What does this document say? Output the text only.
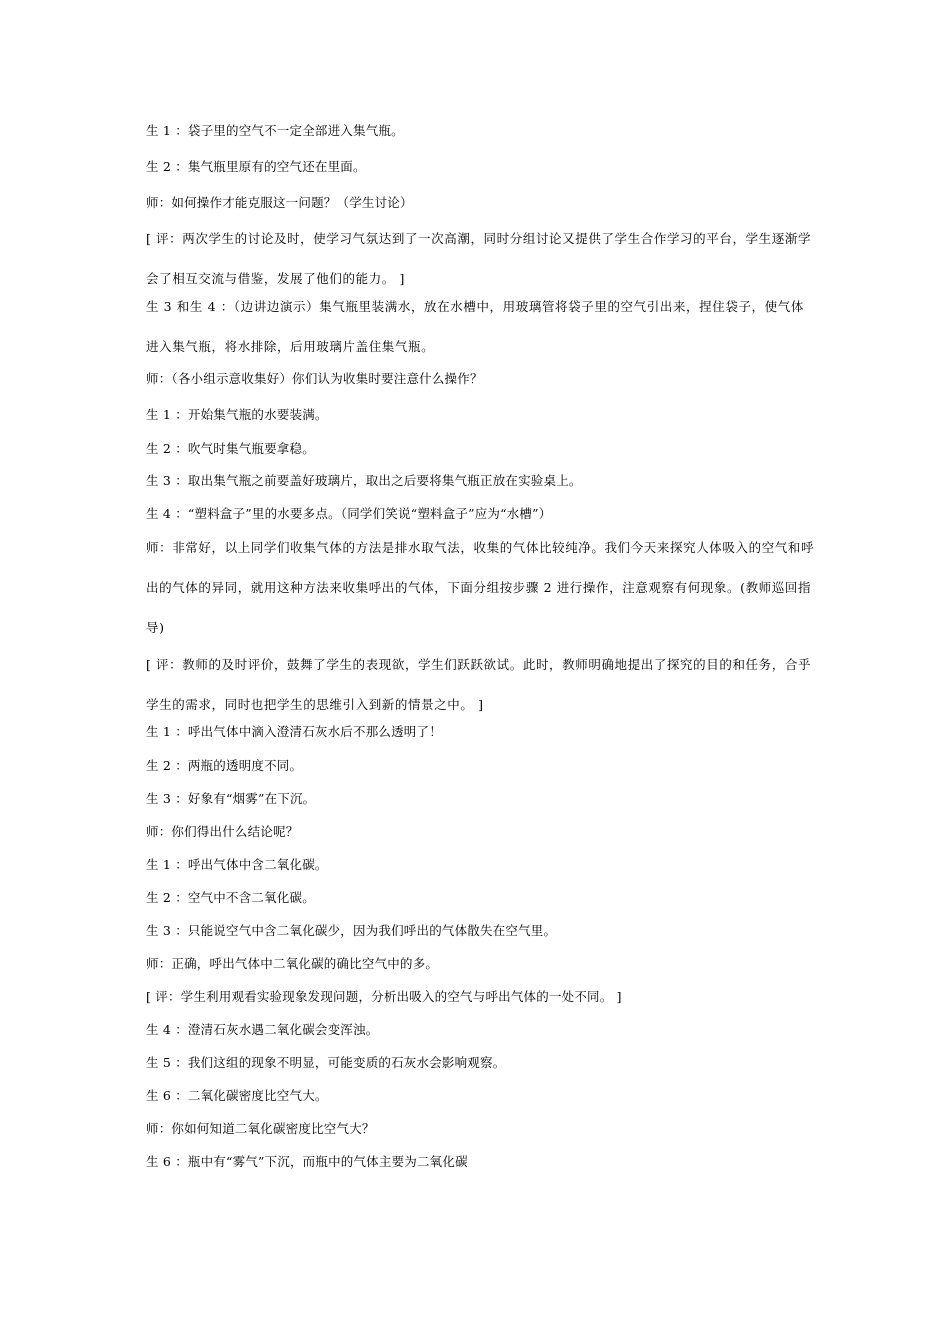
生 1 ：袋子里的空气不一定全部进入集气瓶。

生 2 ：集气瓶里原有的空气还在里面。

师：如何操作才能克服这一问题？（学生讨论）

[ 评：两次学生的讨论及时，使学习气氛达到了一次高潮，同时分组讨论又提供了学生合作学习的平台，学生逐渐学会了相互交流与借鉴，发展了他们的能力。 ]

生 3 和生 4 ：（边讲边演示）集气瓶里装满水，放在水槽中，用玻璃管将袋子里的空气引出来，捏住袋子，使气体进入集气瓶，将水排除，后用玻璃片盖住集气瓶。

师：（各小组示意收集好）你们认为收集时要注意什么操作？

生 1 ：开始集气瓶的水要装满。

生 2 ：吹气时集气瓶要拿稳。

生 3 ：取出集气瓶之前要盖好玻璃片，取出之后要将集气瓶正放在实验桌上。

生 4 ：“塑料盒子”里的水要多点。（同学们笑说“塑料盒子”应为“水槽”）

师：非常好，以上同学们收集气体的方法是排水取气法，收集的气体比较纯净。我们今天来探究人体吸入的空气和呼出的气体的异同，就用这种方法来收集呼出的气体，下面分组按步骤 2 进行操作，注意观察有何现象。(教师巡回指导)

[ 评：教师的及时评价，鼓舞了学生的表现欲，学生们跃跃欲试。此时，教师明确地提出了探究的目的和任务，合乎学生的需求，同时也把学生的思维引入到新的情景之中。 ]

生 1 ：呼出气体中滴入澄清石灰水后不那么透明了！

生 2 ：两瓶的透明度不同。

生 3 ：好象有“烟雾”在下沉。

师：你们得出什么结论呢？

生 1 ：呼出气体中含二氧化碳。

生 2 ：空气中不含二氧化碳。

生 3 ：只能说空气中含二氧化碳少，因为我们呼出的气体散失在空气里。

师：正确，呼出气体中二氧化碳的确比空气中的多。

[ 评：学生利用观看实验现象发现问题，分析出吸入的空气与呼出气体的一处不同。 ]

生 4 ：澄清石灰水遇二氧化碳会变浑浊。

生 5 ：我们这组的现象不明显，可能变质的石灰水会影响观察。

生 6 ：二氧化碳密度比空气大。

师：你如何知道二氧化碳密度比空气大？

生 6 ：瓶中有“雾气”下沉，而瓶中的气体主要为二氧化碳
